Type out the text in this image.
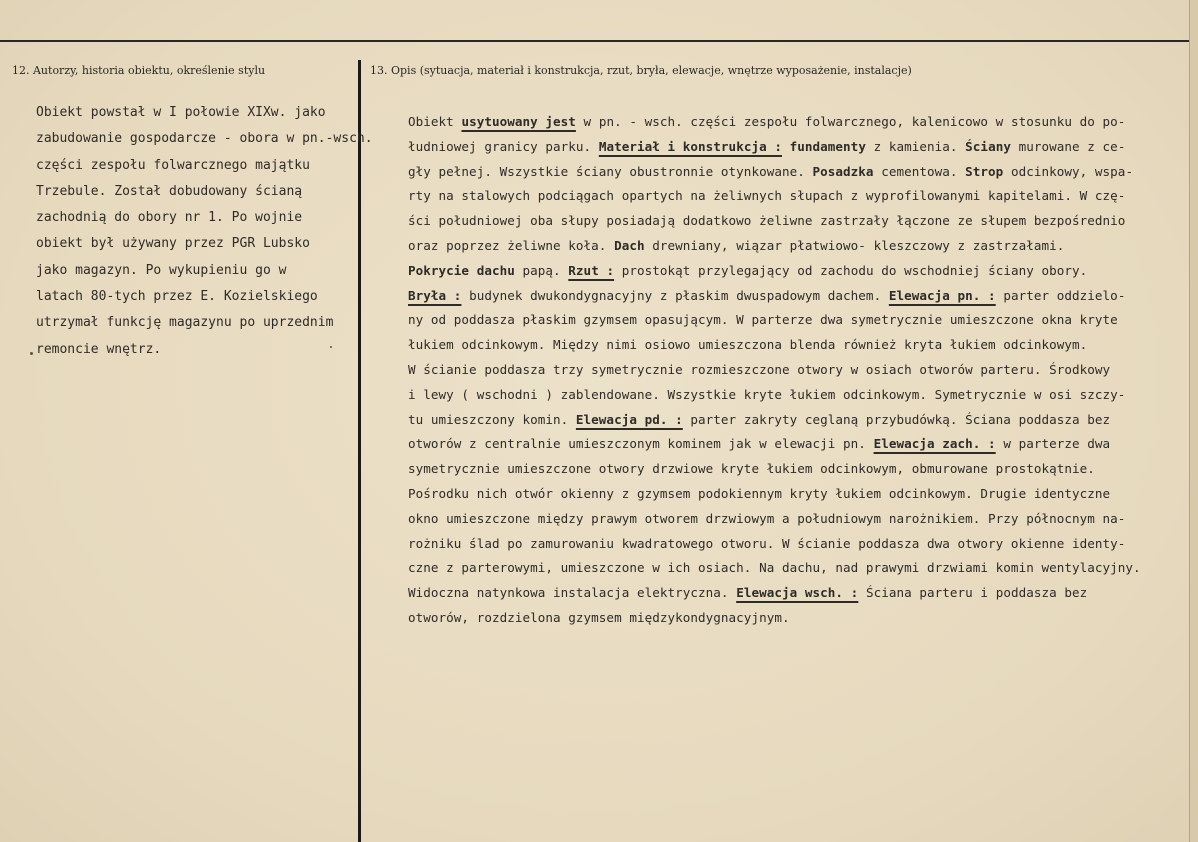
12. Autorzy, historia obiektu, określenie stylu	13. Opis (sytuacja, materiał i konstrukcja, rzut, bryła, elewacje, wnętrze wyposażenie, instalacje)
Obiekt powstał w I połowie XIXw. jako
zabudowanie gospodarcze - obora w pn.-wsch.
części zespołu folwarcznego majątku
Trzebule. Został dobudowany ścianą
zachodnią do obory nr 1. Po wojnie
obiekt był używany przez PGR Lubsko
jako magazyn. Po wykupieniu go w
latach 80-tych przez E. Kozielskiego
utrzymał funkcję magazynu po uprzednim
remoncie wnętrz.
Obiekt usytuowany jest w pn. - wsch. części zespołu folwarcznego, kalenicowo w stosunku do po-
łudniowej granicy parku. Materiał i konstrukcja : fundamenty z kamienia. Ściany murowane z ce-
gły pełnej. Wszystkie ściany obustronnie otynkowane. Posadzka cementowa. Strop odcinkowy, wspa-
rty na stalowych podciągach opartych na żeliwnych słupach z wyprofilowanymi kapitelami. W czę-
ści południowej oba słupy posiadają dodatkowo żeliwne zastrzały łączone ze słupem bezpośrednio
oraz poprzez żeliwne koła. Dach drewniany, wiązar płatwiowo- kleszczowy z zastrzałami.
Pokrycie dachu papą. Rzut : prostokąt przylegający od zachodu do wschodniej ściany obory.
Bryła : budynek dwukondygnacyjny z płaskim dwuspadowym dachem. Elewacja pn. : parter oddzielo-
ny od poddasza płaskim gzymsem opasującym. W parterze dwa symetrycznie umieszczone okna kryte
łukiem odcinkowym. Między nimi osiowo umieszczona blenda również kryta łukiem odcinkowym.
W ścianie poddasza trzy symetrycznie rozmieszczone otwory w osiach otworów parteru. Środkowy
i lewy ( wschodni ) zablendowane. Wszystkie kryte łukiem odcinkowym. Symetrycznie w osi szczy-
tu umieszczony komin. Elewacja pd. : parter zakryty ceglaną przybudówką. Ściana poddasza bez
otworów z centralnie umieszczonym kominem jak w elewacji pn. Elewacja zach. : w parterze dwa
symetrycznie umieszczone otwory drzwiowe kryte łukiem odcinkowym, obmurowane prostokątnie.
Pośrodku nich otwór okienny z gzymsem podokiennym kryty łukiem odcinkowym. Drugie identyczne
okno umieszczone między prawym otworem drzwiowym a południowym narożnikiem. Przy północnym na-
rożniku ślad po zamurowaniu kwadratowego otworu. W ścianie poddasza dwa otwory okienne identy-
czne z parterowymi, umieszczone w ich osiach. Na dachu, nad prawymi drzwiami komin wentylacyjny.
Widoczna natynkowa instalacja elektryczna. Elewacja wsch. : Ściana parteru i poddasza bez
otworów, rozdzielona gzymsem międzykondygnacyjnym.
